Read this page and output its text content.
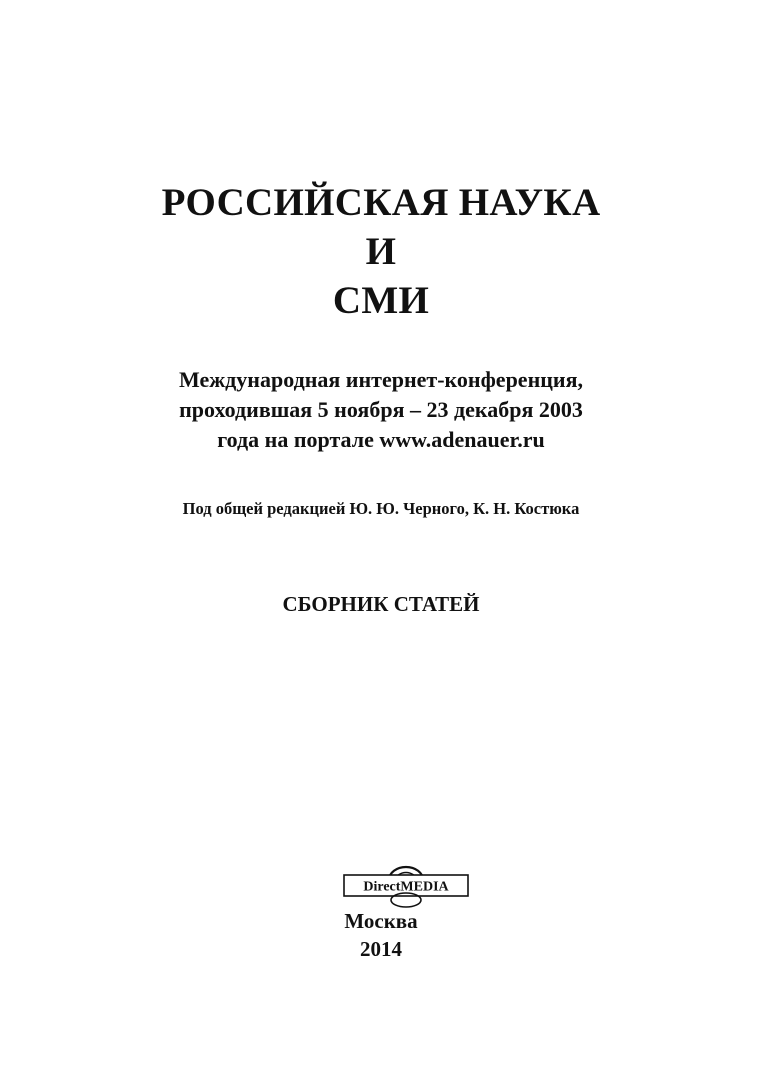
РОССИЙСКАЯ НАУКА
И
СМИ
Международная интернет-конференция,
проходившая 5 ноября – 23 декабря 2003
года на портале www.adenauer.ru
Под общей редакцией Ю. Ю. Черного, К. Н. Костюка
СБОРНИК СТАТЕЙ
DirectMEDIA
Москва
2014
